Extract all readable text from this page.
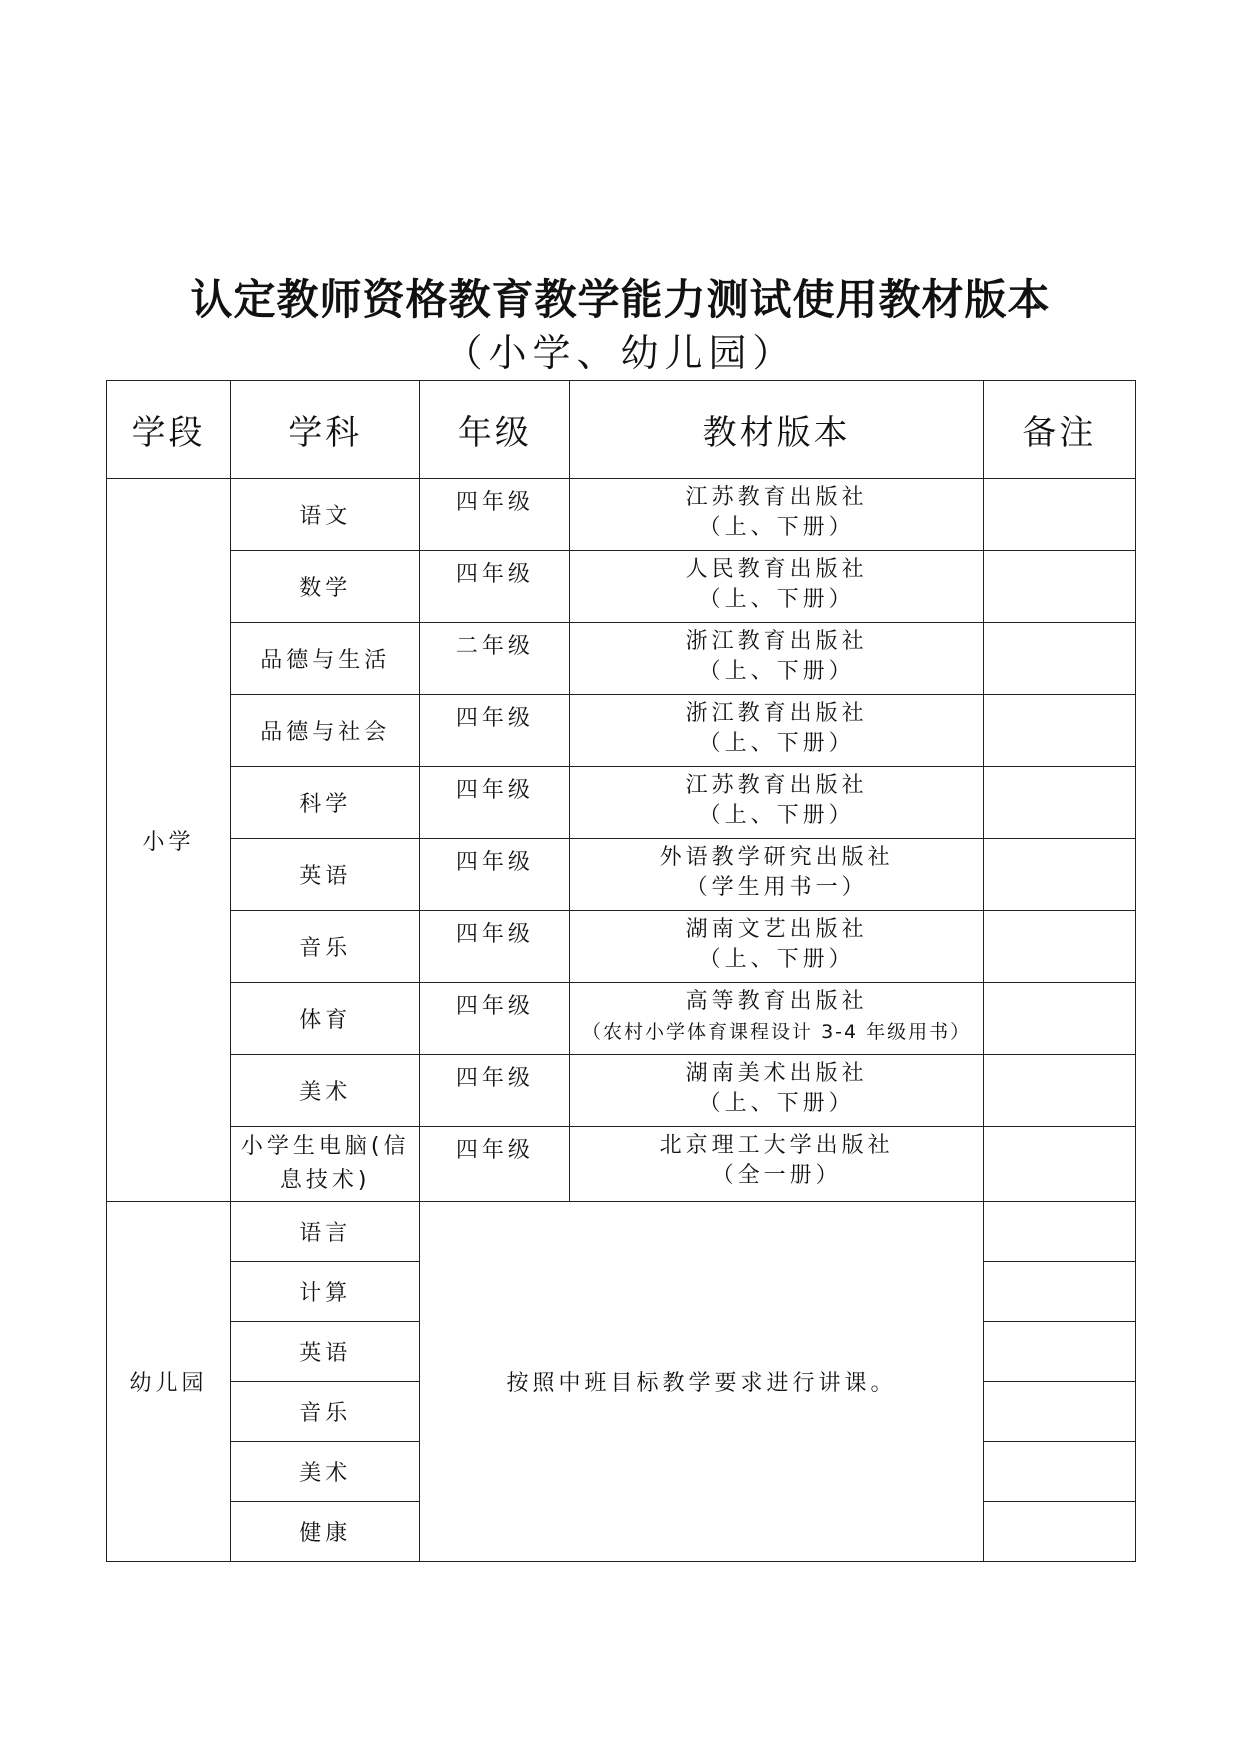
认定教师资格教育教学能力测试使用教材版本
（小学、幼儿园）
学段	学科	年级	教材版本	备注
小学	语文	四年级	江苏教育出版社
（上、下册）	

	数学	四年级	人民教育出版社
（上、下册）	

	品德与生活	二年级	浙江教育出版社
（上、下册）	

	品德与社会	四年级	浙江教育出版社
（上、下册）	

	科学	四年级	江苏教育出版社
（上、下册）	

	英语	四年级	外语教学研究出版社
（学生用书一）	

	音乐	四年级	湖南文艺出版社
（上、下册）	

	体育	四年级	高等教育出版社
（农村小学体育课程设计 3-4 年级用书）	

	美术	四年级	湖南美术出版社
（上、下册）	

	小学生电脑(信息技术)	四年级	北京理工大学出版社
（全一册）	

幼儿园	语言	按照中班目标教学要求进行讲课。		
	计算			
	英语			
	音乐			
	美术			
	健康			
